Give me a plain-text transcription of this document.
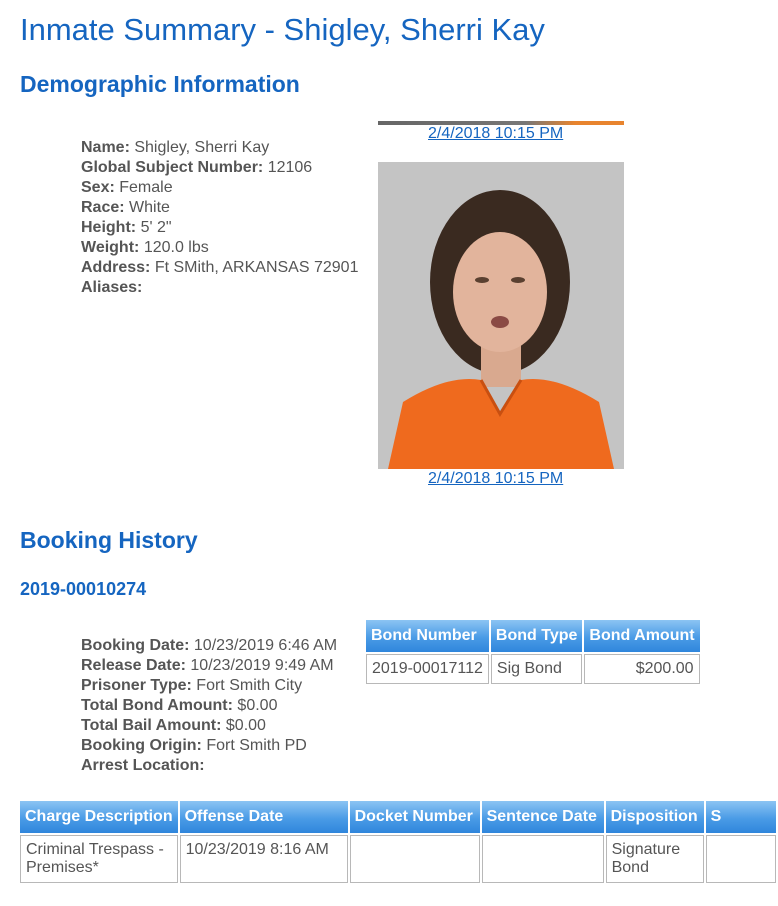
Inmate Summary - Shigley, Sherri Kay
Demographic Information
Name: Shigley, Sherri Kay
Global Subject Number: 12106
Sex: Female
Race: White
Height: 5' 2"
Weight: 120.0 lbs
Address: Ft SMith, ARKANSAS 72901
Aliases:
2/4/2018 10:15 PM
2/4/2018 10:15 PM
Booking History
2019-00010274
Booking Date: 10/23/2019 6:46 AM
Release Date: 10/23/2019 9:49 AM
Prisoner Type: Fort Smith City
Total Bond Amount: $0.00
Total Bail Amount: $0.00
Booking Origin: Fort Smith PD
Arrest Location:
Bond Number	Bond Type	Bond Amount
2019-00017112	Sig Bond	$200.00
Charge Description	Offense Date	Docket Number	Sentence Date	Disposition	S
Criminal Trespass - Premises*	10/23/2019 8:16 AM			Signature Bond	
